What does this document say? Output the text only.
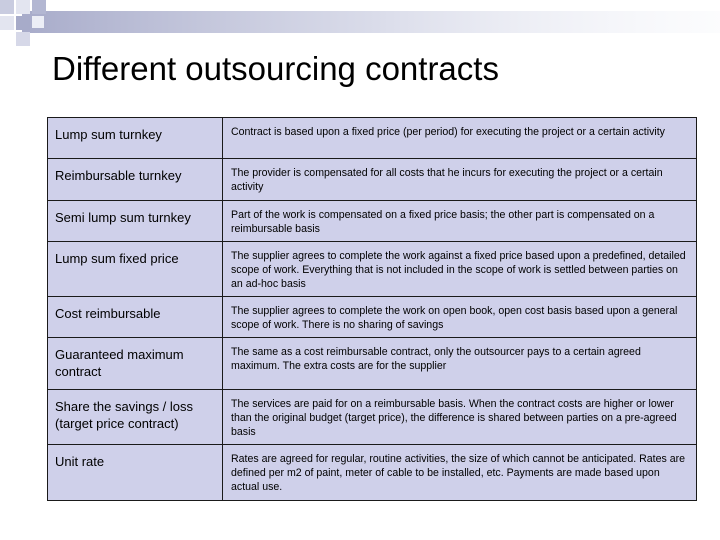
Different outsourcing contracts
Lump sum turnkey	Contract is based upon a fixed price (per period) for executing the project or a certain activity

Reimbursable turnkey	The provider is compensated for all costs that he incurs for executing the project or a certain activity

Semi lump sum turnkey	Part of the work is compensated on a fixed price basis; the other part is compensated on a reimbursable basis

Lump sum fixed price	The supplier agrees to complete the work against a fixed price based upon a predefined, detailed scope of work. Everything that is not included in the scope of work is settled between parties on an ad-hoc basis

Cost reimbursable	The supplier agrees to complete the work on open book, open cost basis based upon a general scope of work. There is no sharing of savings

Guaranteed maximum contract	The same as a cost reimbursable contract, only the outsourcer pays to a certain agreed maximum. The extra costs are for the supplier

Share the savings / loss (target price contract)	The services are paid for on a reimbursable basis. When the contract costs are higher or lower than the original budget (target price), the difference is shared between parties on a pre-agreed basis

Unit rate	Rates are agreed for regular, routine activities, the size of which cannot be anticipated. Rates are defined per m2 of paint, meter of cable to be installed, etc. Payments are made based upon actual use.
